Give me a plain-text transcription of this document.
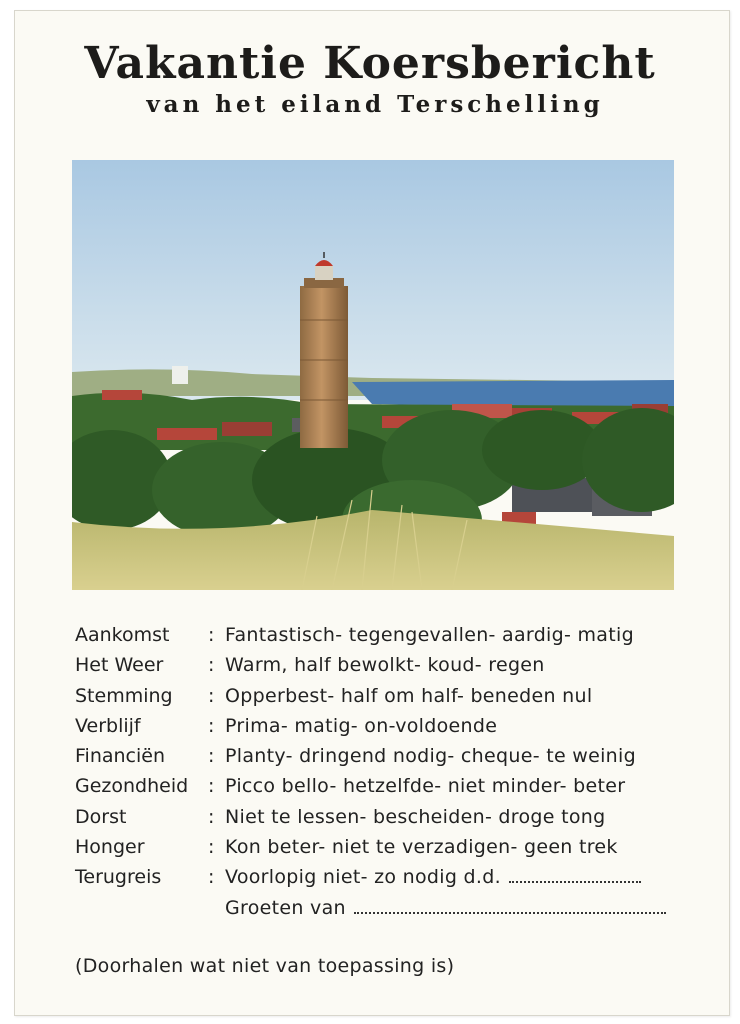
Vakantie Koersbericht
van het eiland Terschelling
Aankomst : Fantastisch- tegengevallen- aardig- matig
Het Weer : Warm, half bewolkt- koud- regen
Stemming : Opperbest- half om half- beneden nul
Verblijf	: Prima- matig- on-voldoende
Financiën : Planty- dringend nodig- cheque- te weinig
Gezondheid : Picco bello- hetzelfde- niet minder- beter
Dorst	: Niet te lessen- bescheiden- droge tong
Honger	: Kon beter- niet te verzadigen- geen trek
Terugreis : Voorlopig niet- zo nodig d.d.
Groeten van
(Doorhalen wat niet van toepassing is)
